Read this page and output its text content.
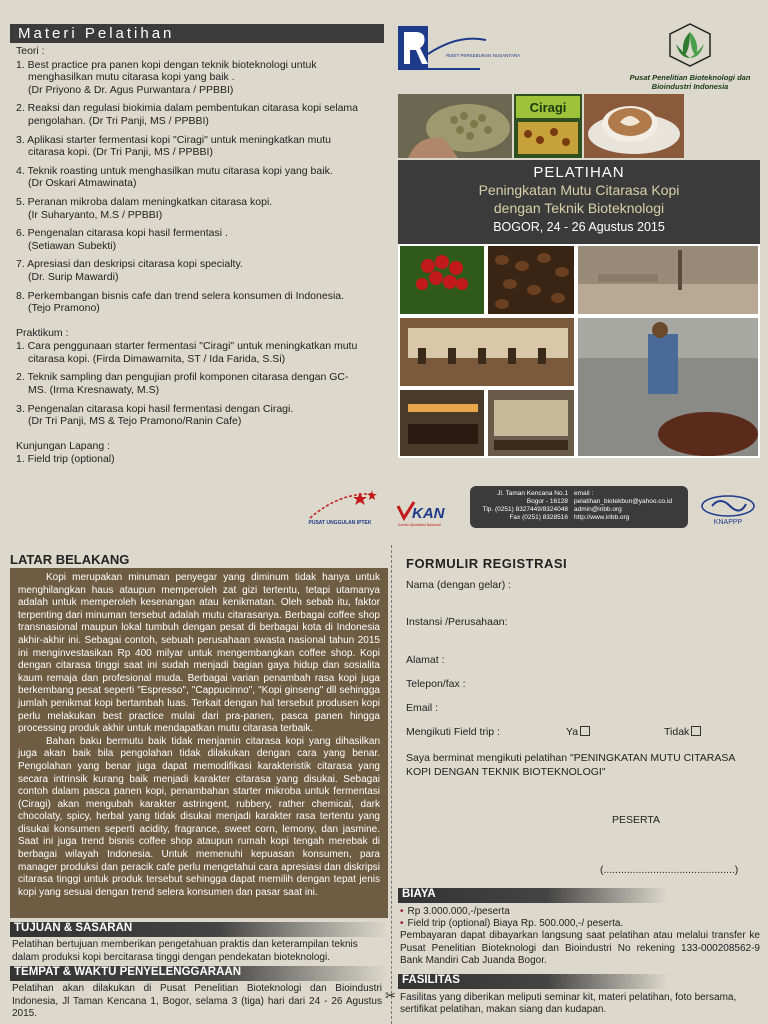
Materi Pelatihan
Teori :
1. Best practice pra panen kopi dengan teknik bioteknologi untuk
menghasilkan mutu citarasa kopi yang baik .
(Dr Priyono & Dr. Agus Purwantara / PPBBI)
2. Reaksi dan regulasi biokimia dalam pembentukan citarasa kopi selama
pengolahan. (Dr Tri Panji, MS / PPBBI)
3. Aplikasi starter fermentasi kopi "Ciragi" untuk meningkatkan mutu
citarasa kopi. (Dr Tri Panji, MS / PPBBI)
4. Teknik roasting untuk menghasilkan mutu citarasa kopi yang baik.
(Dr Oskari Atmawinata)
5. Peranan mikroba dalam meningkatkan citarasa kopi.
(Ir Suharyanto, M.S / PPBBI)
6. Pengenalan citarasa kopi hasil fermentasi .
(Setiawan Subekti)
7. Apresiasi dan deskripsi citarasa kopi specialty.
(Dr. Surip Mawardi)
8. Perkembangan bisnis cafe dan trend selera konsumen di Indonesia.
(Tejo Pramono)
Praktikum :
1. Cara penggunaan starter fermentasi "Ciragi" untuk meningkatkan mutu
citarasa kopi. (Firda Dimawarnita, ST / Ida Farida, S.Si)
2. Teknik sampling dan pengujian profil komponen citarasa dengan GC-
MS. (Irma Kresnawaty, M.S)
3. Pengenalan citarasa kopi hasil fermentasi dengan Ciragi.
(Dr Tri Panji, MS & Tejo Pramono/Ranin Cafe)
Kunjungan Lapang :
1. Field trip (optional)
RISET PERKEBUNAN NUSANTARA
Pusat Penelitian Bioteknologi dan Bioindustri Indonesia
Ciragi
PELATIHAN
Peningkatan Mutu Citarasa Kopi
dengan Teknik Bioteknologi
BOGOR, 24 - 26 Agustus 2015
PUSAT UNGGULAN IPTEK
KAN
Komite Akreditasi Nasional
Jl. Taman Kencana No.1
Bogor - 16128
Tlp. (0251) 8327449/8324048
Fax (0251) 8328516
email :
pelatihan_biotekbun@yahoo.co.id
admin@iribb.org
http://www.iribb.org
KNAPPP
✂
LATAR BELAKANG

Kopi merupakan minuman penyegar yang diminum tidak hanya untuk menghilangkan haus ataupun memperoleh zat gizi tertentu, tetapi utamanya adalah untuk memperoleh kesenangan atau kenikmatan. Oleh sebab itu, faktor terpenting dari minuman tersebut adalah mutu citarasanya. Berbagai coffee shop transnasional maupun lokal tumbuh dengan pesat di berbagai kota di Indonesia akhir-akhir ini. Sebagai contoh, sebuah perusahaan swasta nasional tahun 2015 ini menginvestasikan Rp 400 milyar untuk mengembangkan coffee shop. Kopi dengan citarasa tinggi saat ini sudah menjadi bagian gaya hidup dan sosialita kaum remaja dan profesional muda. Berbagai varian penambah rasa kopi juga berkembang pesat seperti "Espresso", "Cappucinno", "Kopi ginseng" dll sehingga jumlah penikmat kopi bertambah luas. Terkait dengan hal tersebut produsen kopi perlu melakukan best practice mulai dari pra-panen, pasca panen hingga processing produk akhir untuk mendapatkan mutu citarasa terbaik.

Bahan baku bermutu baik tidak menjamin citarasa kopi yang dihasilkan juga akan baik bila pengolahan tidak dilakukan dengan cara yang benar. Pengolahan yang benar juga dapat memodifikasi karakteristik citarasa yang secara intrinsik kurang baik menjadi karakter citarasa yang disukai. Sebagai contoh dalam pasca panen kopi, penambahan starter mikroba untuk fermentasi (Ciragi) akan mengubah karakter astringent, rubbery, rather chemical, dark chocolaty, spicy, herbal yang tidak disukai menjadi karakter rasa tertentu yang disukai konsumen seperti acidity, fragrance, sweet corn, lemony, dan jasmine. Saat ini juga trend bisnis coffee shop ataupun rumah kopi tengah merebak di berbagai wilayah Indonesia. Untuk memenuhi kepuasan konsumen, para manager produksi dan peracik cafe perlu mengetahui cara apresiasi dan diskripsi citarasa tinggi untuk produk tersebut sehingga dapat memilih dengan tepat jenis kopi yang sesuai dengan trend selera konsumen dan pasar saat ini.

TUJUAN & SASARAN
Pelatihan bertujuan memberikan pengetahuan praktis dan keterampilan teknis dalam produksi kopi bercitarasa tinggi dengan pendekatan bioteknologi.
TEMPAT & WAKTU PENYELENGGARAAN
Pelatihan akan dilakukan di Pusat Penelitian Bioteknologi dan Bioindustri Indonesia, Jl Taman Kencana 1, Bogor, selama 3 (tiga) hari dari 24 - 26 Agustus 2015.
FORMULIR REGISTRASI
Nama (dengan gelar) :
Instansi /Perusahaan:
Alamat :
Telepon/fax :
Email :
Mengikuti Field trip :	Ya	Tidak
Saya berminat mengikuti pelatihan "PENINGKATAN MUTU CITARASA KOPI DENGAN TEKNIK BIOTEKNOLOGI"
PESERTA
(.............................................)
BIAYA
• Rp 3.000.000,-/peserta
• Field trip (optional) Biaya Rp. 500.000,-/ peserta.
Pembayaran dapat dibayarkan langsung saat pelatihan atau melalui transfer ke Pusat Penelitian Bioteknologi dan Bioindustri No rekening 133-000208562-9 Bank Mandiri Cab Juanda Bogor.
FASILITAS
Fasilitas yang diberikan meliputi seminar kit, materi pelatihan, foto bersama, sertifikat pelatihan, makan siang dan kudapan.
